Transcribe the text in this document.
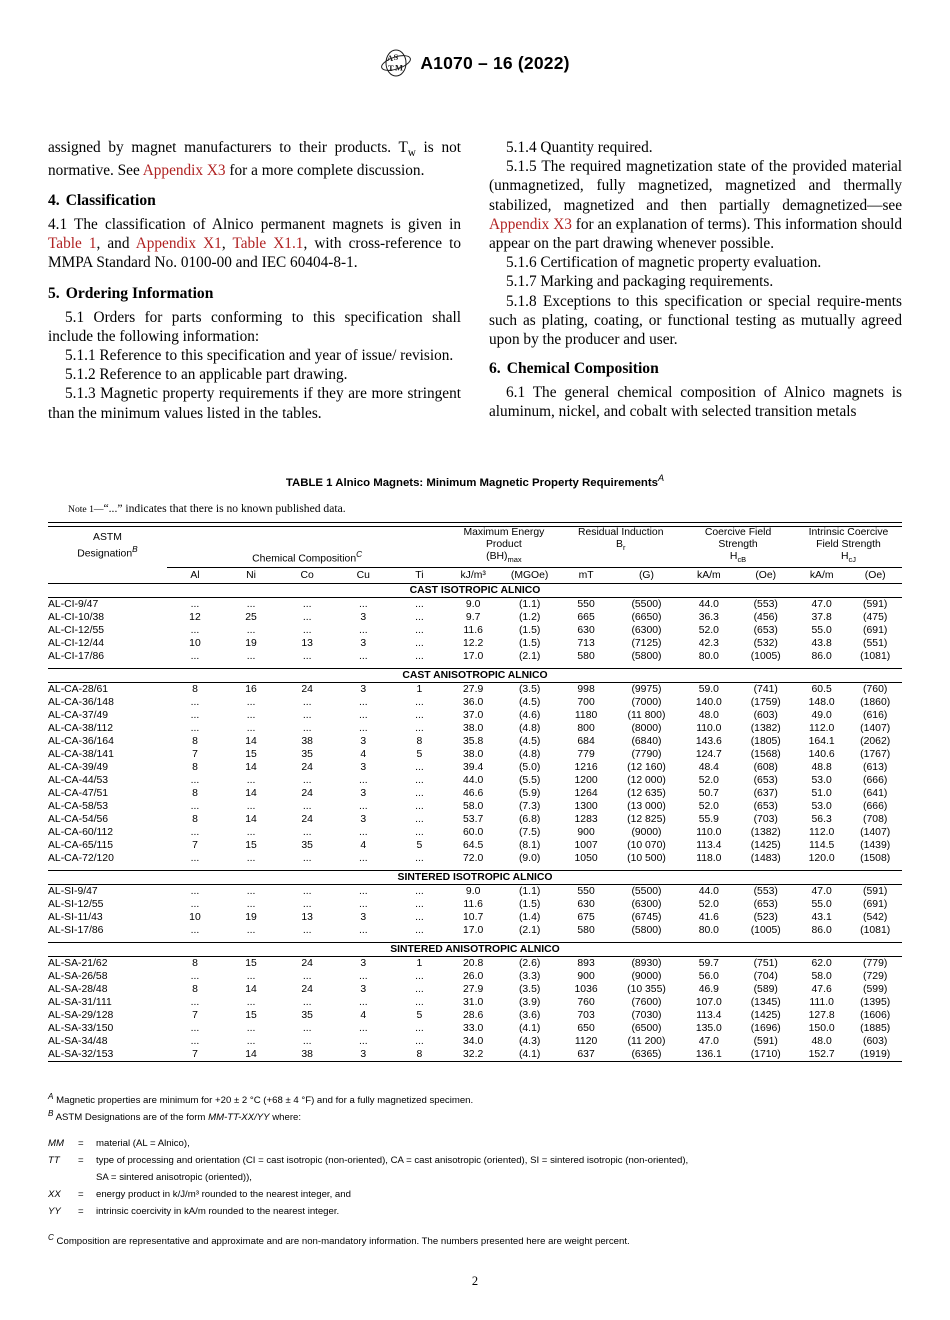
A S
T M A1070 – 16 (2022)

assigned by magnet manufacturers to their products. $T_w$ is not normative. See Appendix X3 for a more complete discussion.

4. Classification

4.1 The classification of Alnico permanent magnets is given in Table 1, and Appendix X1, Table X1.1, with cross-reference to MMPA Standard No. 0100-00 and IEC 60404-8-1.

5. Ordering Information

5.1 Orders for parts conforming to this specification shall include the following information:

5.1.1 Reference to this specification and year of issue/ revision.

5.1.2 Reference to an applicable part drawing.

5.1.3 Magnetic property requirements if they are more stringent than the minimum values listed in the tables.

5.1.4 Quantity required.

5.1.5 The required magnetization state of the provided material (unmagnetized, fully magnetized, magnetized and thermally stabilized, magnetized and then partially demagnetized—see Appendix X3 for an explanation of terms). This information should appear on the part drawing whenever possible.

5.1.6 Certification of magnetic property evaluation.

5.1.7 Marking and packaging requirements.

5.1.8 Exceptions to this specification or special require-ments such as plating, coating, or functional testing as mutually agreed upon by the producer and user.

6. Chemical Composition

6.1 The general chemical composition of Alnico magnets is aluminum, nickel, and cobalt with selected transition metals

TABLE 1 Alnico Magnets: Minimum Magnetic Property Requirements$^A$
Note 1—“...” indicates that there is no known published data.

ASTM
Designation$^B$
	Chemical Composition$^C$	
Maximum Energy
Product
$(BH)_{max}$

Residual Induction
$B_r$

Coercive Field
Strength
$H_{cB}$

Intrinsic Coercive
Field Strength
$H_{cJ}$

	Al	Ni	Co	Cu	Ti	kJ/m³	(MGOe)	mT	(G)	kA/m	(Oe)	kA/m	(Oe)
CAST ISOTROPIC ALNICO													
AL-CI-9/47	...	...	...	...	...	9.0	(1.1)	550	(5500)	44.0	(553)	47.0	(591)
AL-CI-10/38	12	25	...	3	...	9.7	(1.2)	665	(6650)	36.3	(456)	37.8	(475)
AL-CI-12/55	...	...	...	...	...	11.6	(1.5)	630	(6300)	52.0	(653)	55.0	(691)
AL-CI-12/44	10	19	13	3	...	12.2	(1.5)	713	(7125)	42.3	(532)	43.8	(551)
AL-CI-17/86	...	...	...	...	...	17.0	(2.1)	580	(5800)	80.0	(1005)	86.0	(1081)

CAST ANISOTROPIC ALNICO													
AL-CA-28/61	8	16	24	3	1	27.9	(3.5)	998	(9975)	59.0	(741)	60.5	(760)
AL-CA-36/148	...	...	...	...	...	36.0	(4.5)	700	(7000)	140.0	(1759)	148.0	(1860)
AL-CA-37/49	...	...	...	...	...	37.0	(4.6)	1180	(11 800)	48.0	(603)	49.0	(616)
AL-CA-38/112	...	...	...	...	...	38.0	(4.8)	800	(8000)	110.0	(1382)	112.0	(1407)
AL-CA-36/164	8	14	38	3	8	35.8	(4.5)	684	(6840)	143.6	(1805)	164.1	(2062)
AL-CA-38/141	7	15	35	4	5	38.0	(4.8)	779	(7790)	124.7	(1568)	140.6	(1767)
AL-CA-39/49	8	14	24	3	...	39.4	(5.0)	1216	(12 160)	48.4	(608)	48.8	(613)
AL-CA-44/53	...	...	...	...	...	44.0	(5.5)	1200	(12 000)	52.0	(653)	53.0	(666)
AL-CA-47/51	8	14	24	3	...	46.6	(5.9)	1264	(12 635)	50.7	(637)	51.0	(641)
AL-CA-58/53	...	...	...	...	...	58.0	(7.3)	1300	(13 000)	52.0	(653)	53.0	(666)
AL-CA-54/56	8	14	24	3	...	53.7	(6.8)	1283	(12 825)	55.9	(703)	56.3	(708)
AL-CA-60/112	...	...	...	...	...	60.0	(7.5)	900	(9000)	110.0	(1382)	112.0	(1407)
AL-CA-65/115	7	15	35	4	5	64.5	(8.1)	1007	(10 070)	113.4	(1425)	114.5	(1439)
AL-CA-72/120	...	...	...	...	...	72.0	(9.0)	1050	(10 500)	118.0	(1483)	120.0	(1508)

SINTERED ISOTROPIC ALNICO													
AL-SI-9/47	...	...	...	...	...	9.0	(1.1)	550	(5500)	44.0	(553)	47.0	(591)
AL-SI-12/55	...	...	...	...	...	11.6	(1.5)	630	(6300)	52.0	(653)	55.0	(691)
AL-SI-11/43	10	19	13	3	...	10.7	(1.4)	675	(6745)	41.6	(523)	43.1	(542)
AL-SI-17/86	...	...	...	...	...	17.0	(2.1)	580	(5800)	80.0	(1005)	86.0	(1081)

SINTERED ANISOTROPIC ALNICO													
AL-SA-21/62	8	15	24	3	1	20.8	(2.6)	893	(8930)	59.7	(751)	62.0	(779)
AL-SA-26/58	...	...	...	...	...	26.0	(3.3)	900	(9000)	56.0	(704)	58.0	(729)
AL-SA-28/48	8	14	24	3	...	27.9	(3.5)	1036	(10 355)	46.9	(589)	47.6	(599)
AL-SA-31/111	...	...	...	...	...	31.0	(3.9)	760	(7600)	107.0	(1345)	111.0	(1395)
AL-SA-29/128	7	15	35	4	5	28.6	(3.6)	703	(7030)	113.4	(1425)	127.8	(1606)
AL-SA-33/150	...	...	...	...	...	33.0	(4.1)	650	(6500)	135.0	(1696)	150.0	(1885)
AL-SA-34/48	...	...	...	...	...	34.0	(4.3)	1120	(11 200)	47.0	(591)	48.0	(603)
AL-SA-32/153	7	14	38	3	8	32.2	(4.1)	637	(6365)	136.1	(1710)	152.7	(1919)

$^A$ Magnetic properties are minimum for +20 ± 2 °C (+68 ± 4 °F) and for a fully magnetized specimen.

$^B$ ASTM Designations are of the form MM-TT-XX/YY where:

MM	=	material (AL = Alnico),
TT	=	type of processing and orientation (CI = cast isotropic (non-oriented), CA = cast anisotropic (oriented), SI = sintered isotropic (non-oriented),
SA = sintered anisotropic (oriented)),
XX	=	energy product in k/J/m³ rounded to the nearest integer, and
YY	=	intrinsic coercivity in kA/m rounded to the nearest integer.

$^C$ Composition are representative and approximate and are non-mandatory information. The numbers presented here are weight percent.

2
